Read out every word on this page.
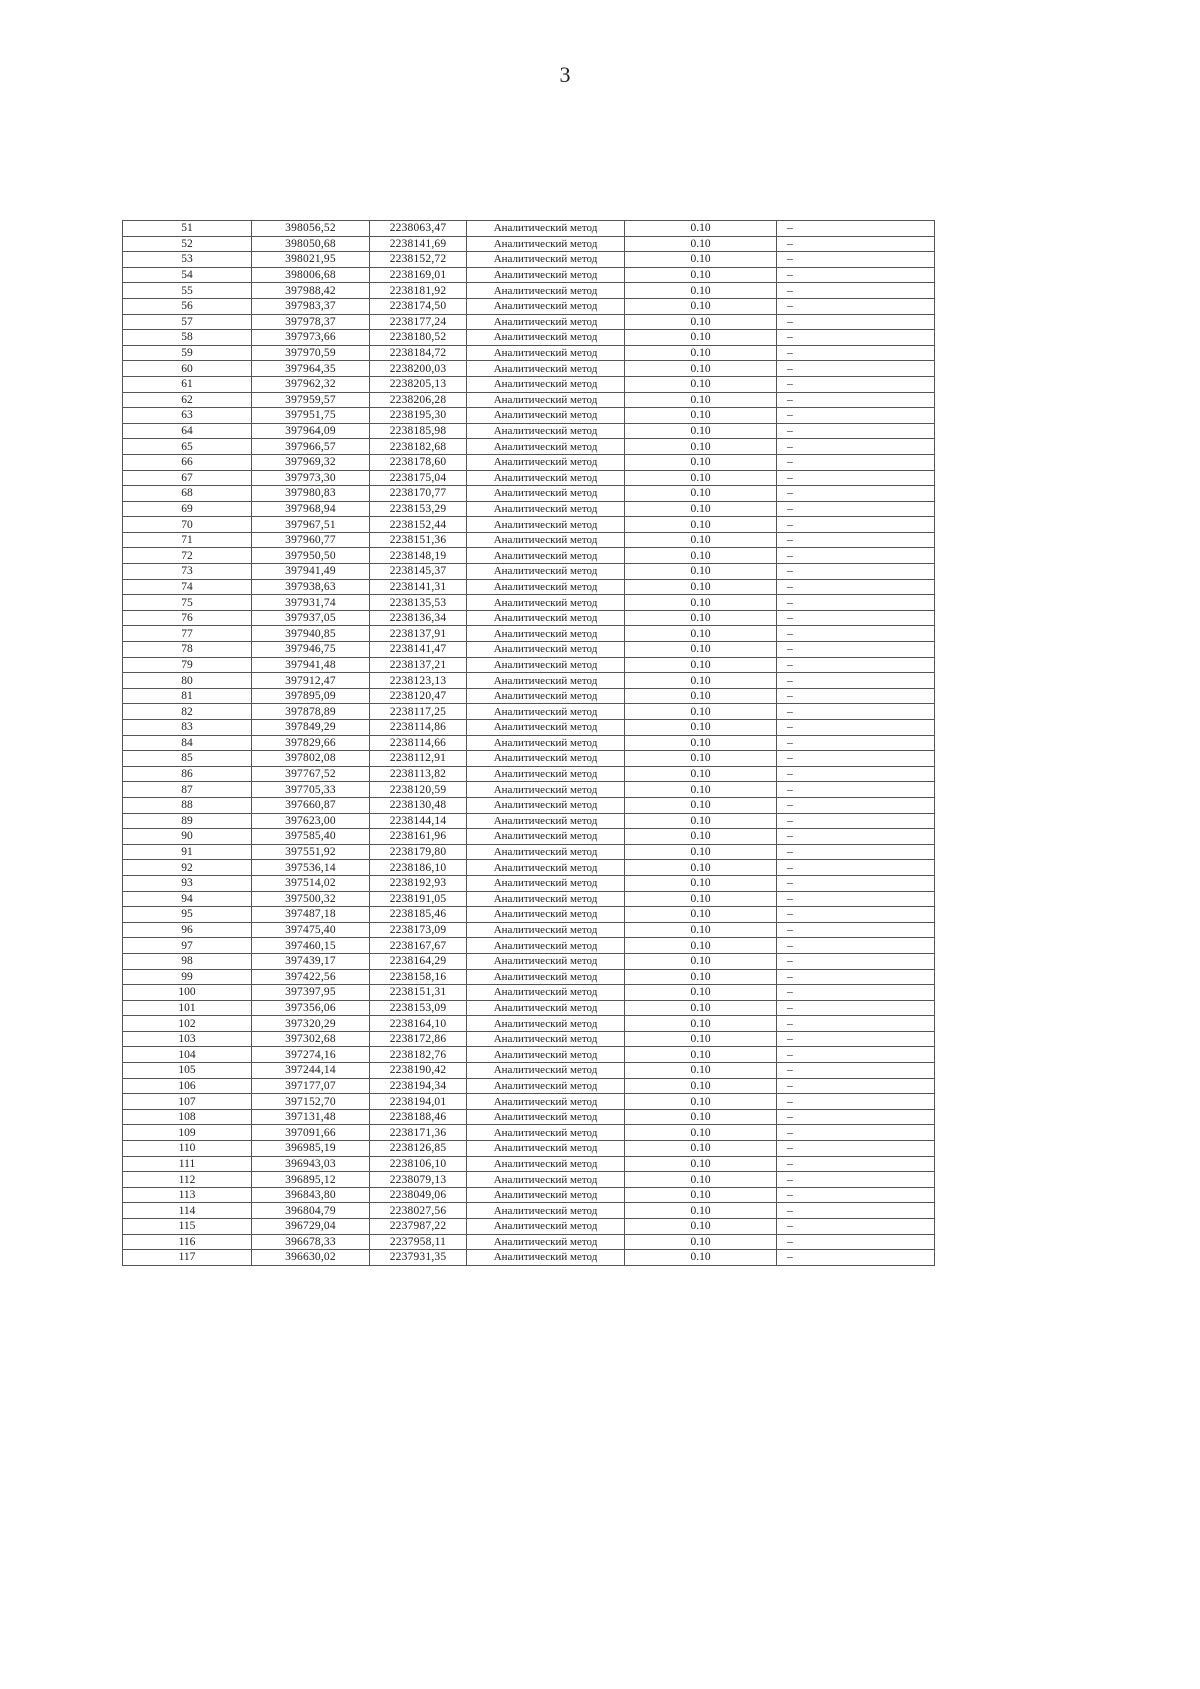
3
51	398056,52	2238063,47	Аналитический метод	0.10	–
52	398050,68	2238141,69	Аналитический метод	0.10	–
53	398021,95	2238152,72	Аналитический метод	0.10	–
54	398006,68	2238169,01	Аналитический метод	0.10	–
55	397988,42	2238181,92	Аналитический метод	0.10	–
56	397983,37	2238174,50	Аналитический метод	0.10	–
57	397978,37	2238177,24	Аналитический метод	0.10	–
58	397973,66	2238180,52	Аналитический метод	0.10	–
59	397970,59	2238184,72	Аналитический метод	0.10	–
60	397964,35	2238200,03	Аналитический метод	0.10	–
61	397962,32	2238205,13	Аналитический метод	0.10	–
62	397959,57	2238206,28	Аналитический метод	0.10	–
63	397951,75	2238195,30	Аналитический метод	0.10	–
64	397964,09	2238185,98	Аналитический метод	0.10	–
65	397966,57	2238182,68	Аналитический метод	0.10	–
66	397969,32	2238178,60	Аналитический метод	0.10	–
67	397973,30	2238175,04	Аналитический метод	0.10	–
68	397980,83	2238170,77	Аналитический метод	0.10	–
69	397968,94	2238153,29	Аналитический метод	0.10	–
70	397967,51	2238152,44	Аналитический метод	0.10	–
71	397960,77	2238151,36	Аналитический метод	0.10	–
72	397950,50	2238148,19	Аналитический метод	0.10	–
73	397941,49	2238145,37	Аналитический метод	0.10	–
74	397938,63	2238141,31	Аналитический метод	0.10	–
75	397931,74	2238135,53	Аналитический метод	0.10	–
76	397937,05	2238136,34	Аналитический метод	0.10	–
77	397940,85	2238137,91	Аналитический метод	0.10	–
78	397946,75	2238141,47	Аналитический метод	0.10	–
79	397941,48	2238137,21	Аналитический метод	0.10	–
80	397912,47	2238123,13	Аналитический метод	0.10	–
81	397895,09	2238120,47	Аналитический метод	0.10	–
82	397878,89	2238117,25	Аналитический метод	0.10	–
83	397849,29	2238114,86	Аналитический метод	0.10	–
84	397829,66	2238114,66	Аналитический метод	0.10	–
85	397802,08	2238112,91	Аналитический метод	0.10	–
86	397767,52	2238113,82	Аналитический метод	0.10	–
87	397705,33	2238120,59	Аналитический метод	0.10	–
88	397660,87	2238130,48	Аналитический метод	0.10	–
89	397623,00	2238144,14	Аналитический метод	0.10	–
90	397585,40	2238161,96	Аналитический метод	0.10	–
91	397551,92	2238179,80	Аналитический метод	0.10	–
92	397536,14	2238186,10	Аналитический метод	0.10	–
93	397514,02	2238192,93	Аналитический метод	0.10	–
94	397500,32	2238191,05	Аналитический метод	0.10	–
95	397487,18	2238185,46	Аналитический метод	0.10	–
96	397475,40	2238173,09	Аналитический метод	0.10	–
97	397460,15	2238167,67	Аналитический метод	0.10	–
98	397439,17	2238164,29	Аналитический метод	0.10	–
99	397422,56	2238158,16	Аналитический метод	0.10	–
100	397397,95	2238151,31	Аналитический метод	0.10	–
101	397356,06	2238153,09	Аналитический метод	0.10	–
102	397320,29	2238164,10	Аналитический метод	0.10	–
103	397302,68	2238172,86	Аналитический метод	0.10	–
104	397274,16	2238182,76	Аналитический метод	0.10	–
105	397244,14	2238190,42	Аналитический метод	0.10	–
106	397177,07	2238194,34	Аналитический метод	0.10	–
107	397152,70	2238194,01	Аналитический метод	0.10	–
108	397131,48	2238188,46	Аналитический метод	0.10	–
109	397091,66	2238171,36	Аналитический метод	0.10	–
110	396985,19	2238126,85	Аналитический метод	0.10	–
111	396943,03	2238106,10	Аналитический метод	0.10	–
112	396895,12	2238079,13	Аналитический метод	0.10	–
113	396843,80	2238049,06	Аналитический метод	0.10	–
114	396804,79	2238027,56	Аналитический метод	0.10	–
115	396729,04	2237987,22	Аналитический метод	0.10	–
116	396678,33	2237958,11	Аналитический метод	0.10	–
117	396630,02	2237931,35	Аналитический метод	0.10	–
